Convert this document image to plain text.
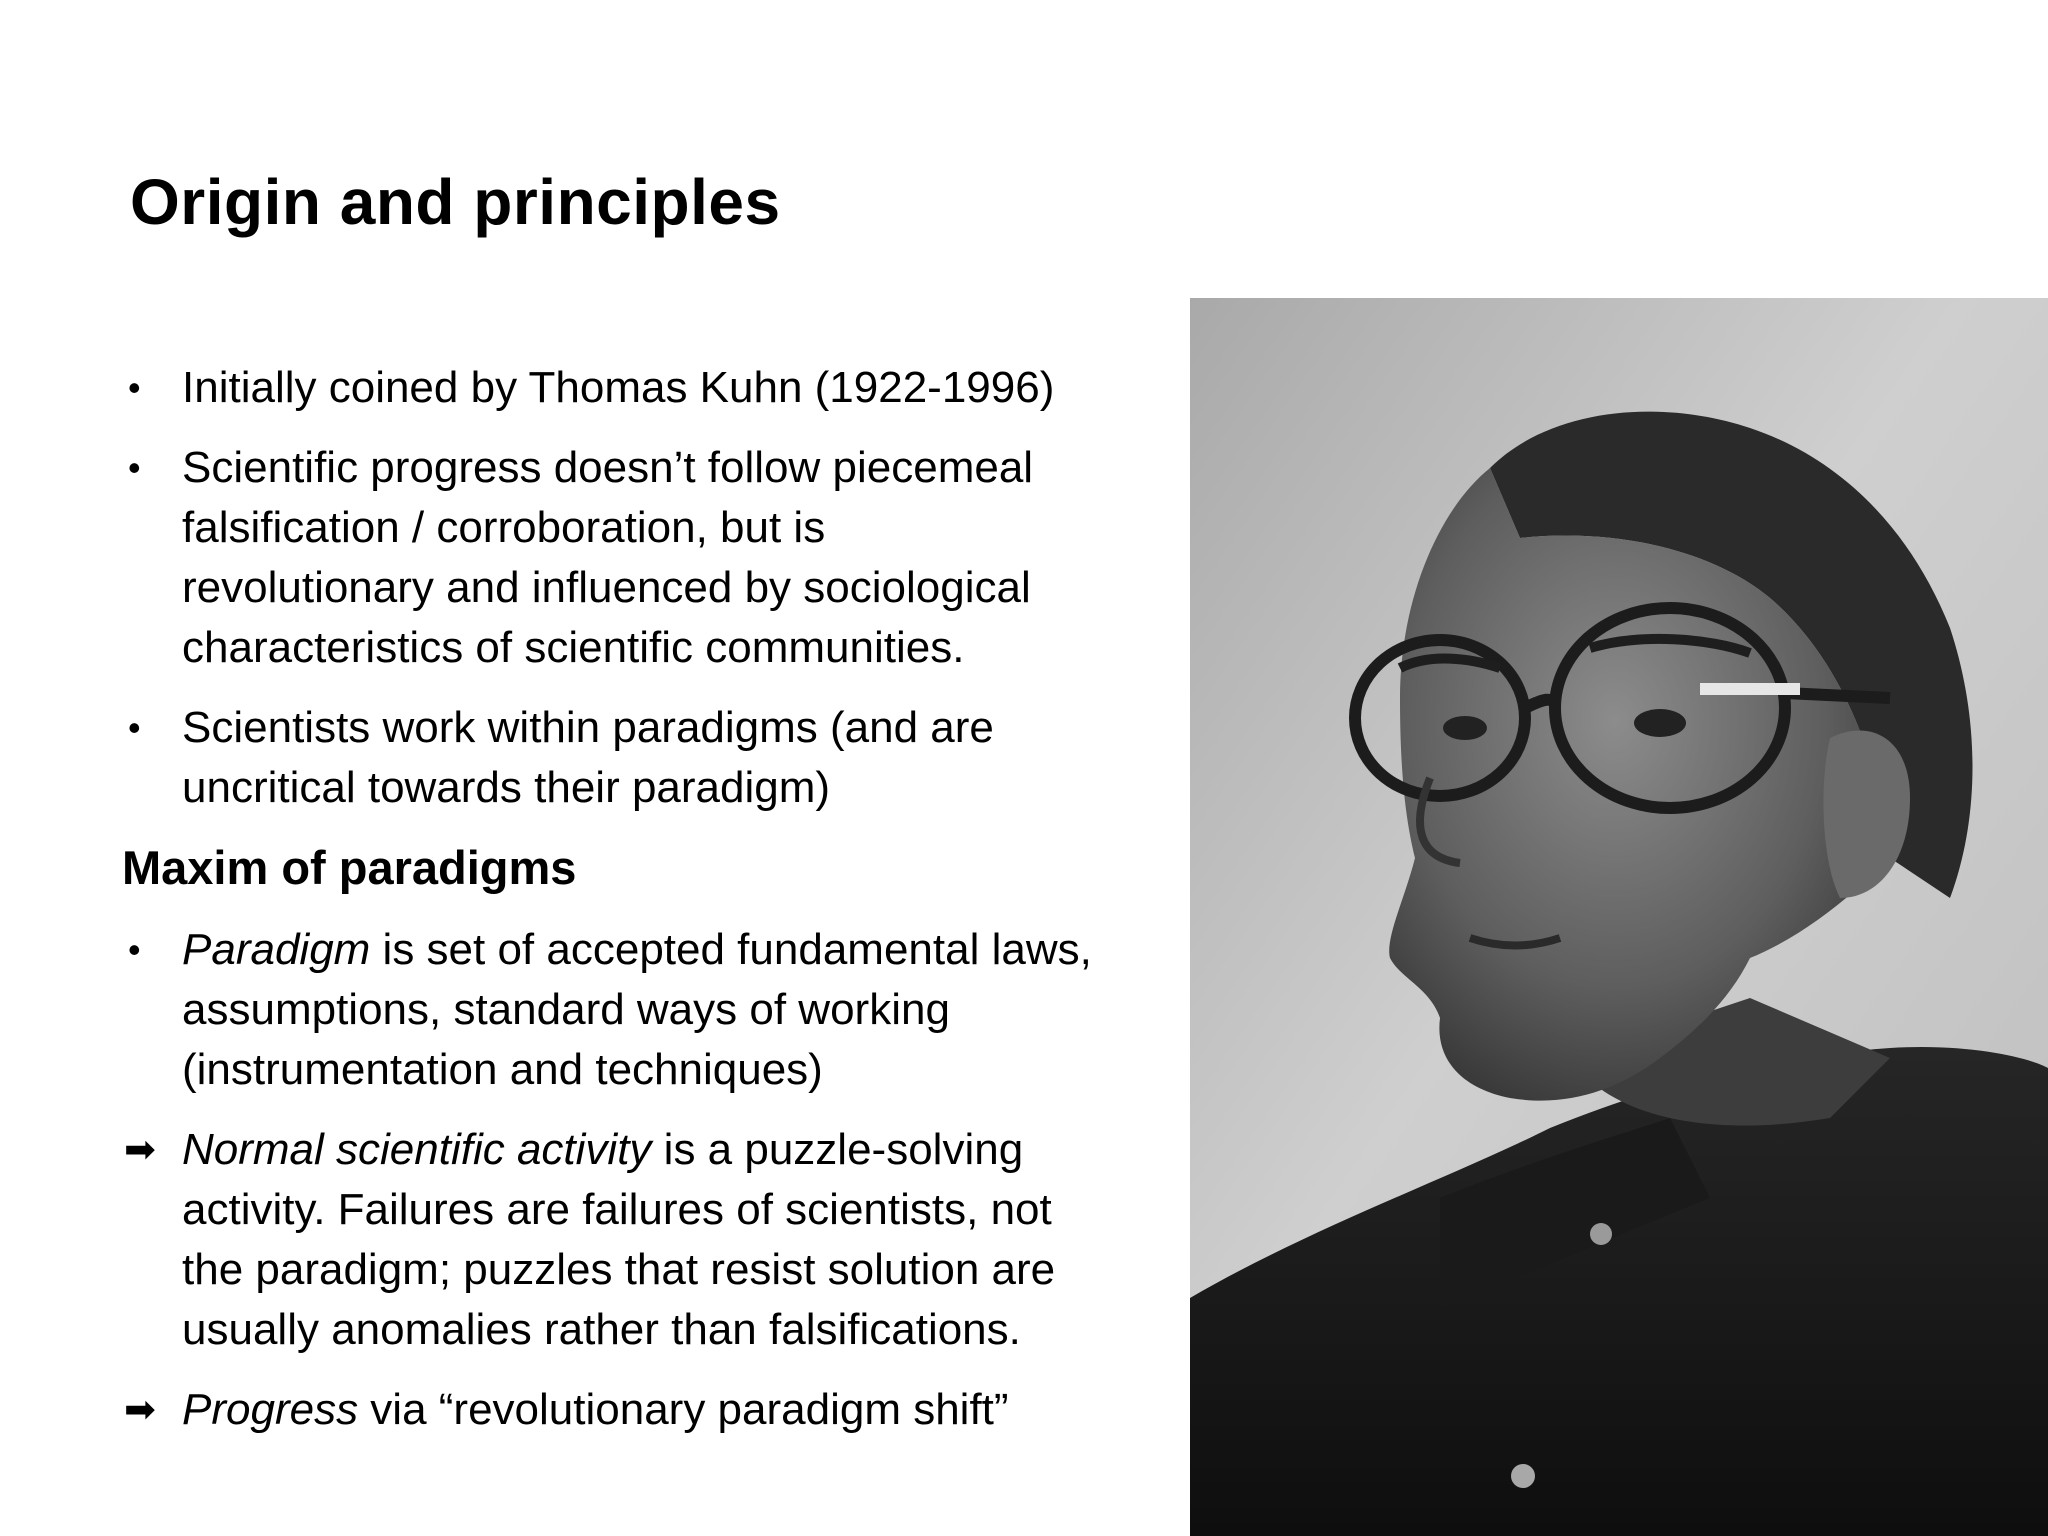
Origin and principles
• Initially coined by Thomas Kuhn (1922-1996)
• Scientific progress doesn’t follow piecemeal
falsification / corroboration, but is
revolutionary and influenced by sociological
characteristics of scientific communities.
• Scientists work within paradigms (and are
uncritical towards their paradigm)
Maxim of paradigms
• Paradigm is set of accepted fundamental laws,
assumptions, standard ways of working
(instrumentation and techniques)
➡ Normal scientific activity is a puzzle-solving
activity. Failures are failures of scientists, not
the paradigm; puzzles that resist solution are
usually anomalies rather than falsifications.
➡ Progress via “revolutionary paradigm shift”
